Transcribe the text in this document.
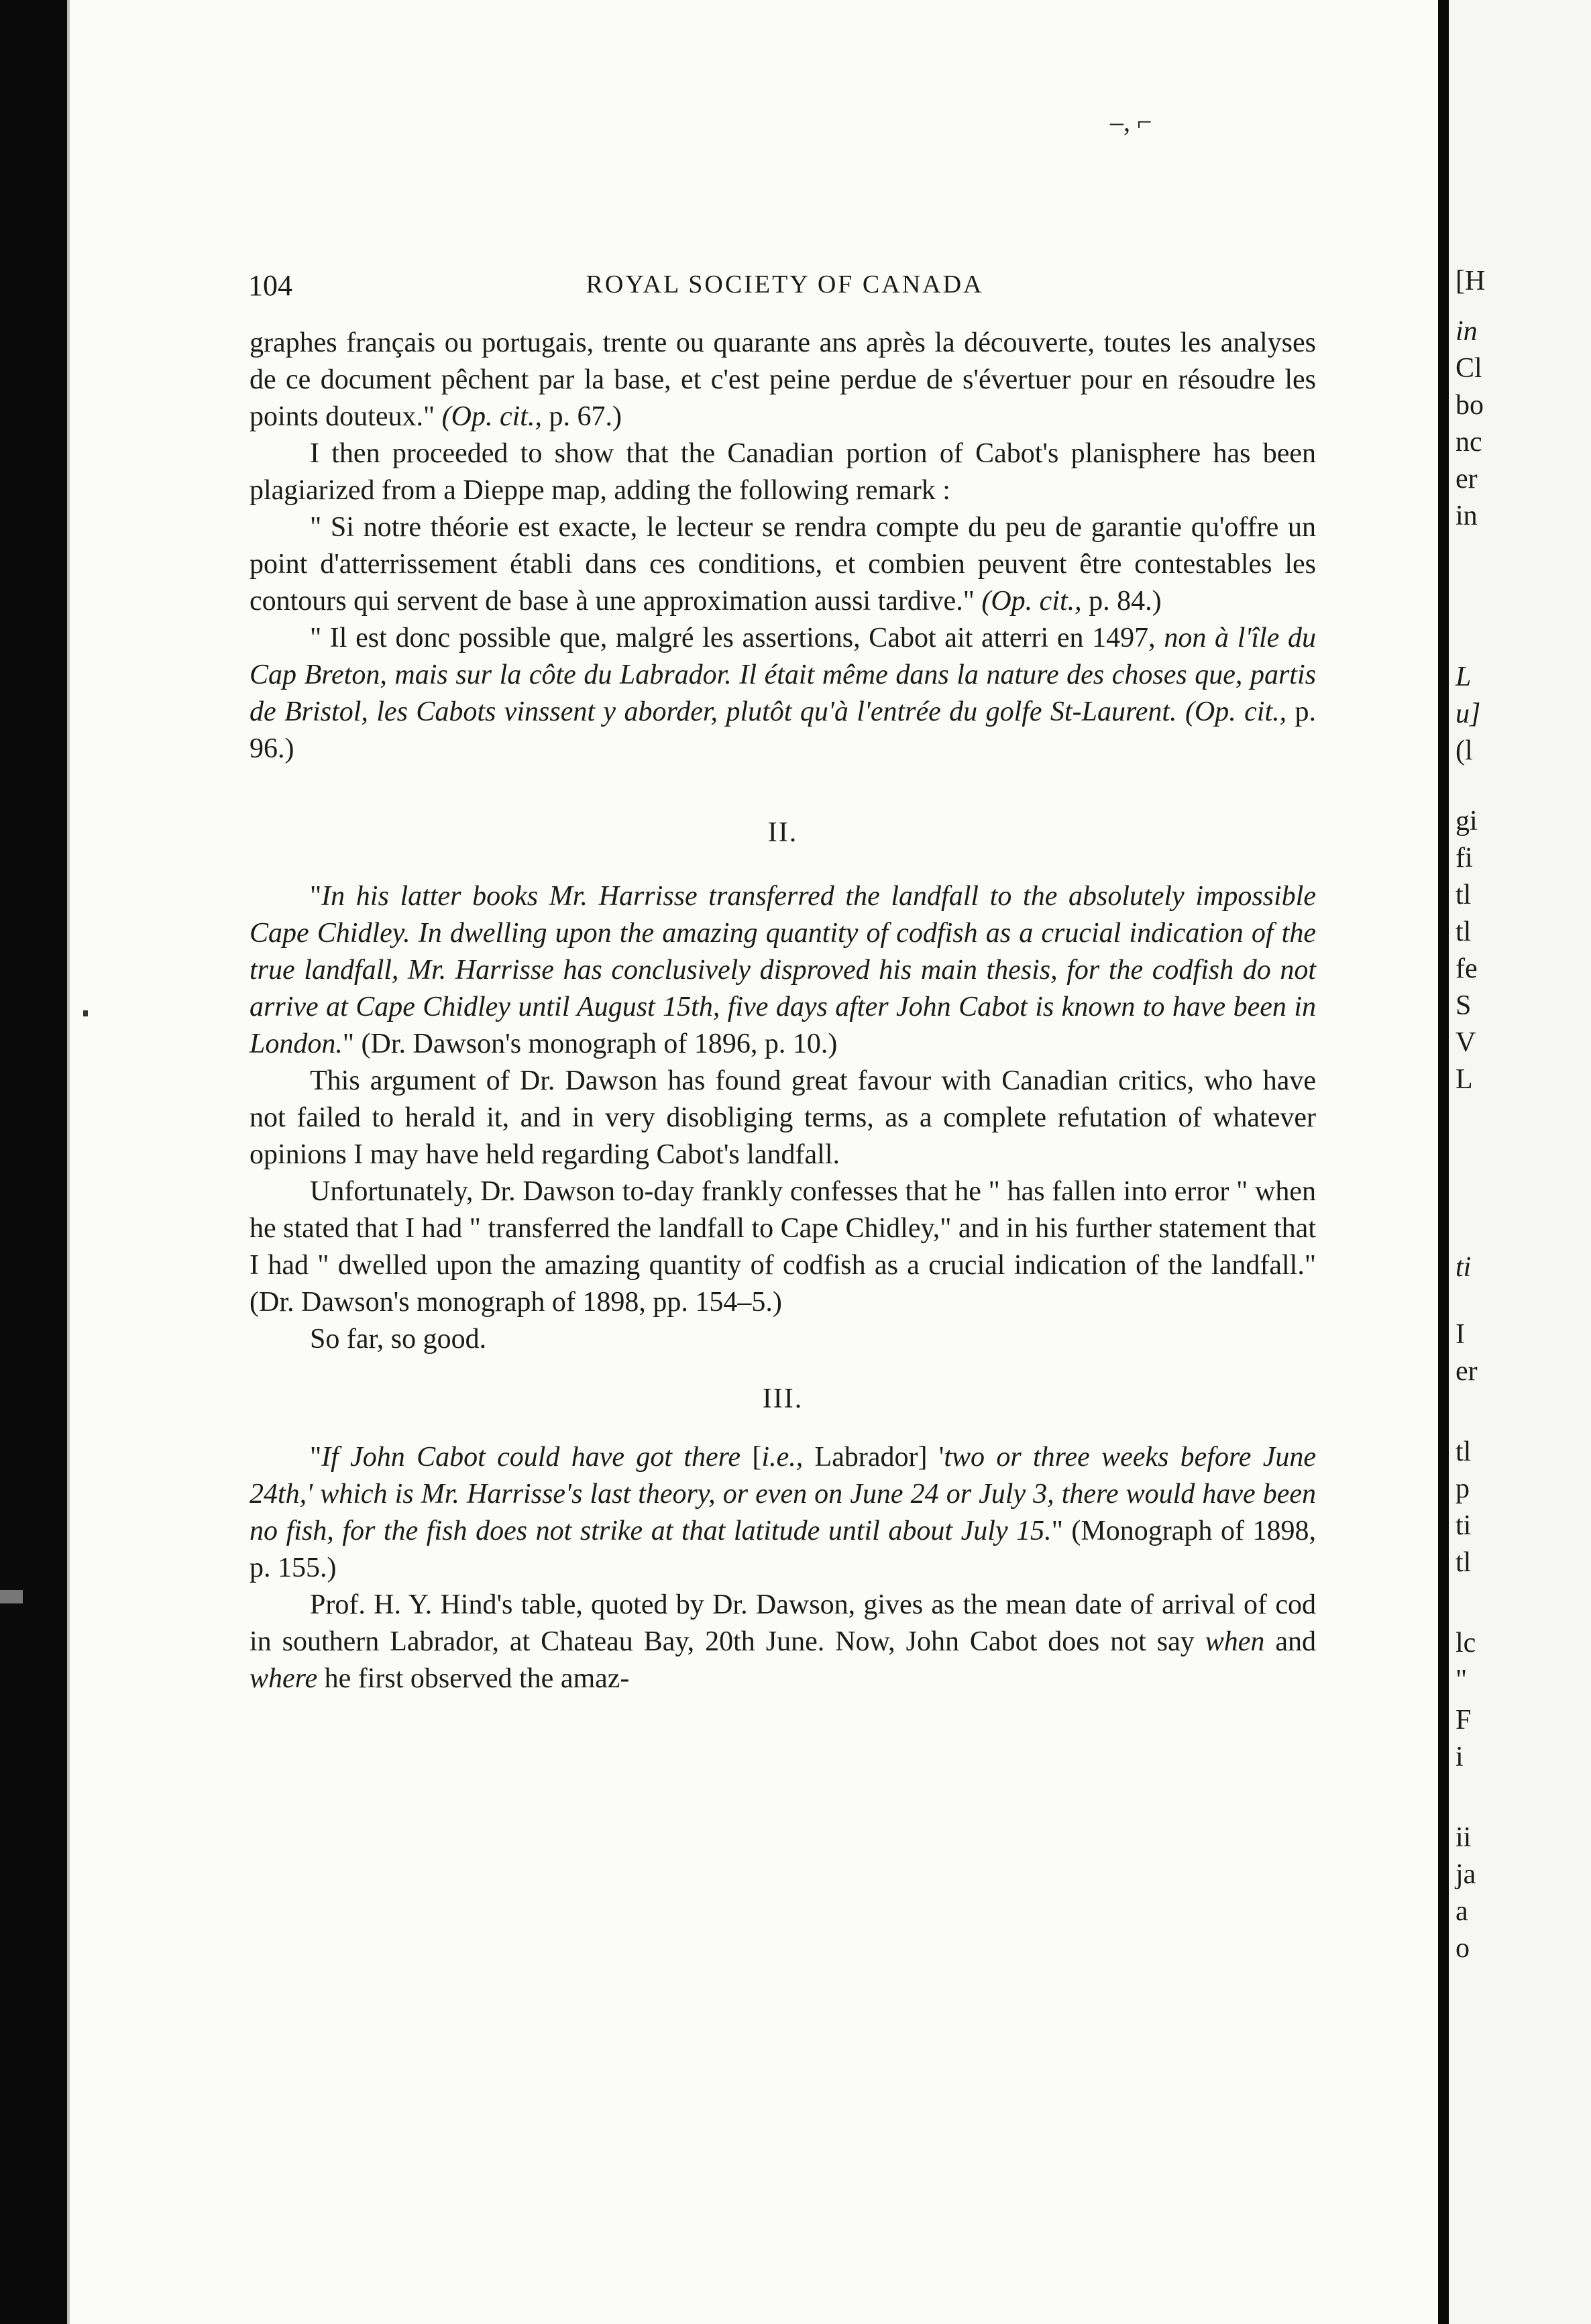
–, ⌐
104	ROYAL SOCIETY OF CANADA

graphes français ou portugais, trente ou quarante ans après la découverte, toutes les analyses de ce document pêchent par la base, et c'est peine perdue de s'évertuer pour en résoudre les points douteux." (Op. cit., p. 67.)

I then proceeded to show that the Canadian portion of Cabot's planisphere has been plagiarized from a Dieppe map, adding the following remark :

" Si notre théorie est exacte, le lecteur se rendra compte du peu de garantie qu'offre un point d'atterrissement établi dans ces conditions, et combien peuvent être contestables les contours qui servent de base à une approximation aussi tardive." (Op. cit., p. 84.)

" Il est donc possible que, malgré les assertions, Cabot ait atterri en 1497, non à l'île du Cap Breton, mais sur la côte du Labrador. Il était même dans la nature des choses que, partis de Bristol, les Cabots vinssent y aborder, plutôt qu'à l'entrée du golfe St-Laurent. (Op. cit., p. 96.)

II.

"In his latter books Mr. Harrisse transferred the landfall to the absolutely impossible Cape Chidley. In dwelling upon the amazing quantity of codfish as a crucial indication of the true landfall, Mr. Harrisse has conclusively disproved his main thesis, for the codfish do not arrive at Cape Chidley until August 15th, five days after John Cabot is known to have been in London." (Dr. Dawson's monograph of 1896, p. 10.)

This argument of Dr. Dawson has found great favour with Canadian critics, who have not failed to herald it, and in very disobliging terms, as a complete refutation of whatever opinions I may have held regarding Cabot's landfall.

Unfortunately, Dr. Dawson to-day frankly confesses that he " has fallen into error " when he stated that I had " transferred the landfall to Cape Chidley," and in his further statement that I had " dwelled upon the amazing quantity of codfish as a crucial indication of the landfall." (Dr. Dawson's monograph of 1898, pp. 154–5.)

So far, so good.

III.

"If John Cabot could have got there [i.e., Labrador] 'two or three weeks before June 24th,' which is Mr. Harrisse's last theory, or even on June 24 or July 3, there would have been no fish, for the fish does not strike at that latitude until about July 15." (Monograph of 1898, p. 155.)

Prof. H. Y. Hind's table, quoted by Dr. Dawson, gives as the mean date of arrival of cod in southern Labrador, at Chateau Bay, 20th June. Now, John Cabot does not say when and where he first observed the amaz-

[H
in
Cl
bo
nc
er
in
L
u]
(l
gi
fi
tl
tl
fe
S
V
L
ti
I
er
tl
p
ti
tl
lc
"
F
i
ii
ja
a
o
